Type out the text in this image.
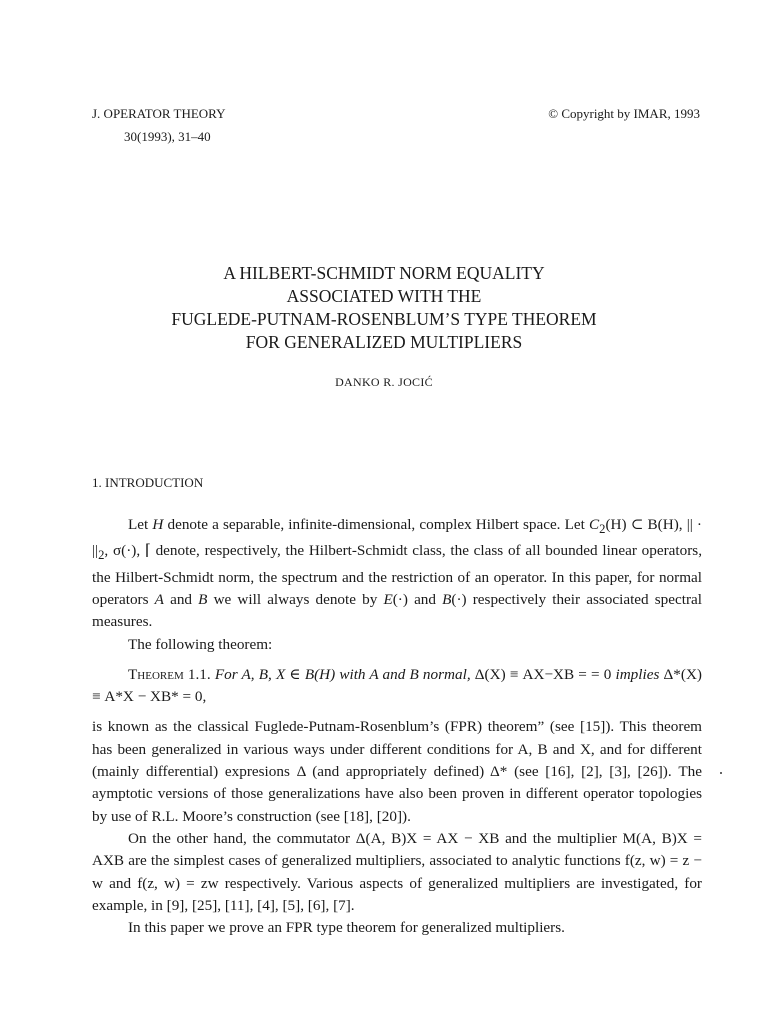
J. OPERATOR THEORY
30(1993), 31–40
© Copyright by IMAR, 1993
A HILBERT-SCHMIDT NORM EQUALITY
ASSOCIATED WITH THE
FUGLEDE-PUTNAM-ROSENBLUM’S TYPE THEOREM
FOR GENERALIZED MULTIPLIERS
DANKO R. JOCIĆ
1. INTRODUCTION

Let H denote a separable, infinite-dimensional, complex Hilbert space. Let $C_2(H)$ ⊂ B(H), || · $||_2$, σ(·), ⌈ denote, respectively, the Hilbert-Schmidt class, the class of all bounded linear operators, the Hilbert-Schmidt norm, the spectrum and the restriction of an operator. In this paper, for normal operators A and B we will always denote by E(·) and B(·) respectively their associated spectral measures.

The following theorem:

Theorem 1.1. For A, B, X ∈ B(H) with A and B normal, Δ(X) ≡ AX−XB = = 0 implies Δ*(X) ≡ A*X − XB* = 0,

is known as the classical Fuglede-Putnam-Rosenblum’s (FPR) theorem” (see [15]). This theorem has been generalized in various ways under different conditions for A, B and X, and for different (mainly differential) expresions Δ (and appropriately defined) Δ* (see [16], [2], [3], [26]). The aymptotic versions of those generalizations have also been proven in different operator topologies by use of R.L. Moore’s construction (see [18], [20]).

On the other hand, the commutator Δ(A, B)X = AX − XB and the multiplier M(A, B)X = AXB are the simplest cases of generalized multipliers, associated to analytic functions f(z, w) = z − w and f(z, w) = zw respectively. Various aspects of generalized multipliers are investigated, for example, in [9], [25], [11], [4], [5], [6], [7].

In this paper we prove an FPR type theorem for generalized multipliers.
